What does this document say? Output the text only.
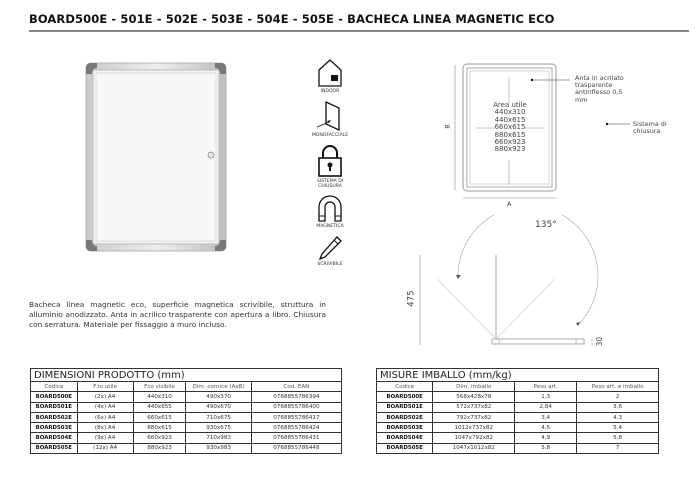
BOARD500E - 501E - 502E - 503E - 504E - 505E - BACHECA LINEA MAGNETIC ECO
INDOOR
MONOFACCIALE
SISTEMA DI CHIUSURA
MAGNETICA
SCRIVIBILE
Area utile
440x310
440x615
660x615
880x615
660x923
880x923
B
A
Anta in acrilato trasparente antiriflesso 0,5 mm
Sistema di chiusura
135°
475
30

Bacheca linea magnetic eco, superficie magnetica scrivibile, struttura in alluminio anodizzato. Anta in acrilico trasparente con apertura a libro. Chiusura con serratura. Materiale per fissaggio a muro incluso.

DIMENSIONI PRODOTTO (mm)				
Codice	F.to utile	F.to visibile	Dim. cornice (AxB)	Cod. EAN
BOARD500E	(2x) A4	440x310	490x370	0768855786394
BOARD501E	(4x) A4	440x655	490x670	0768855786400
BOARD502E	(6x) A4	660x615	710x675	0768855786417
BOARD503E	(8x) A4	880x615	930x675	0768855786424
BOARD504E	(9x) A4	660x923	710x983	0768855786431
BOARD505E	(12x) A4	880x923	930x983	0768855786448
MISURE IMBALLO (mm/kg)			
Codice	Dim. imballo	Peso art.	Peso art. e imballo
BOARD500E	568x428x78	1,3	2
BOARD501E	572x737x82	2,84	3,6
BOARD502E	792x737x82	3,4	4,3
BOARD503E	1012x737x82	4,5	5,4
BOARD504E	1047x792x82	4,9	5,8
BOARD505E	1047x1012x82	5,8	7
